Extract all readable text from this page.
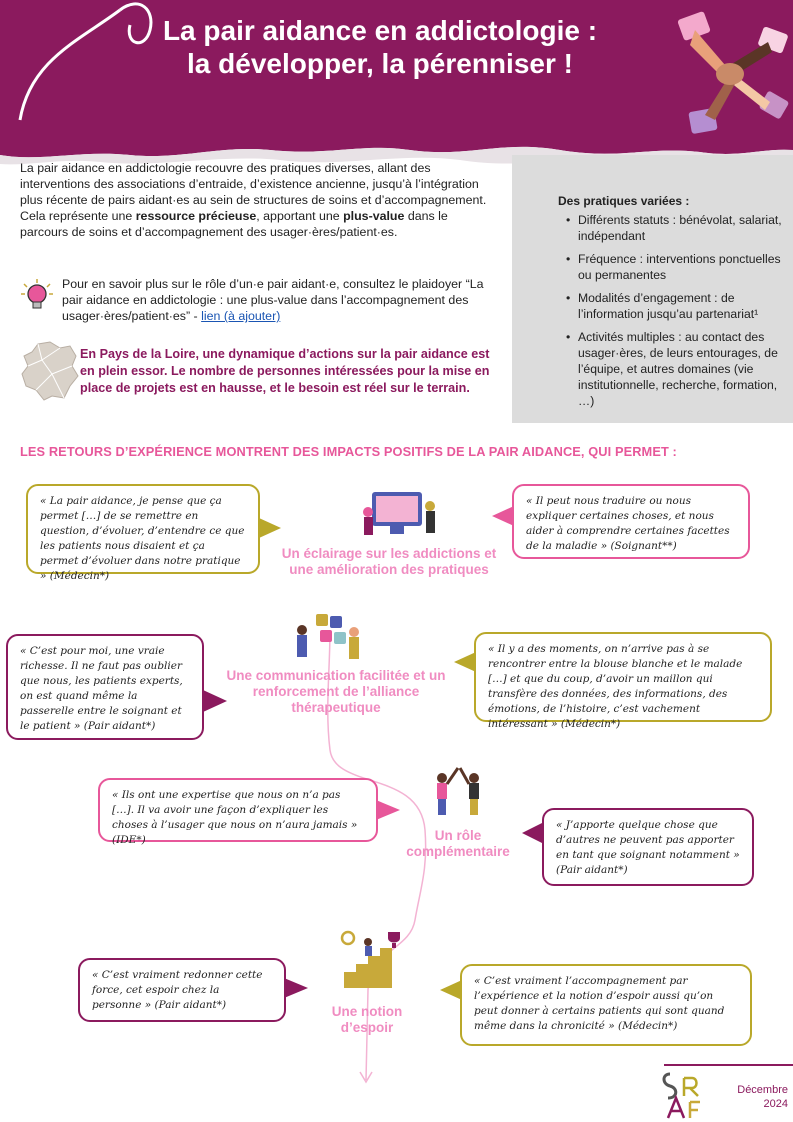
La pair aidance en addictologie : la développer, la pérenniser !

La pair aidance en addictologie recouvre des pratiques diverses, allant des interventions des associations d’entraide, d’existence ancienne, jusqu’à l’intégration plus récente de pairs aidant·es au sein de structures de soins et d’accompagnement.

Cela représente une ressource précieuse, apportant une plus-value dans le parcours de soins et d’accompagnement des usager·ères/patient·es.

Des pratiques variées :
• Différents statuts : bénévolat, salariat, indépendant
• Fréquence : interventions ponctuelles ou permanentes
• Modalités d’engagement : de l’information jusqu’au partenariat¹
• Activités multiples : au contact des usager·ères, de leurs entourages, de l’équipe, et autres domaines (vie institutionnelle, recherche, formation, …)
Pour en savoir plus sur le rôle d’un·e pair aidant·e, consultez le plaidoyer “La pair aidance en addictologie : une plus-value dans l’accompagnement des usager·ères/patient·es” - lien (à ajouter)
En Pays de la Loire, une dynamique d’actions sur la pair aidance est en plein essor. Le nombre de personnes intéressées pour la mise en place de projets est en hausse, et le besoin est réel sur le terrain.
LES RETOURS D’EXPÉRIENCE MONTRENT DES IMPACTS POSITIFS DE LA PAIR AIDANCE, QUI PERMET :
« La pair aidance, je pense que ça permet […] de se remettre en question, d’évoluer, d’entendre ce que les patients nous disaient et ça permet d’évoluer dans notre pratique » (Médecin*)
Un éclairage sur les addictions et une amélioration des pratiques
« Il peut nous traduire ou nous expliquer certaines choses, et nous aider à comprendre certaines facettes de la maladie » (Soignant**)
« C’est pour moi, une vraie richesse. Il ne faut pas oublier que nous, les patients experts, on est quand même la passerelle entre le soignant et le patient » (Pair aidant*)
Une communication facilitée et un renforcement de l’alliance thérapeutique
« Il y a des moments, on n’arrive pas à se rencontrer entre la blouse blanche et le malade […] et que du coup, d’avoir un maillon qui transfère des données, des informations, des émotions, de l’histoire, c’est vachement intéressant » (Médecin*)
« Ils ont une expertise que nous on n’a pas […]. Il va avoir une façon d’expliquer les choses à l’usager que nous on n’aura jamais » (IDE*)	Un rôle complémentaire
« J’apporte quelque chose que d’autres ne peuvent pas apporter en tant que soignant notamment » (Pair aidant*)
« C’est vraiment redonner cette force, cet espoir chez la personne » (Pair aidant*)	Une notion d’espoir
« C’est vraiment l’accompagnement par l’expérience et la notion d’espoir aussi qu’on peut donner à certains patients qui sont quand même dans la chronicité » (Médecin*)
Décembre
2024
